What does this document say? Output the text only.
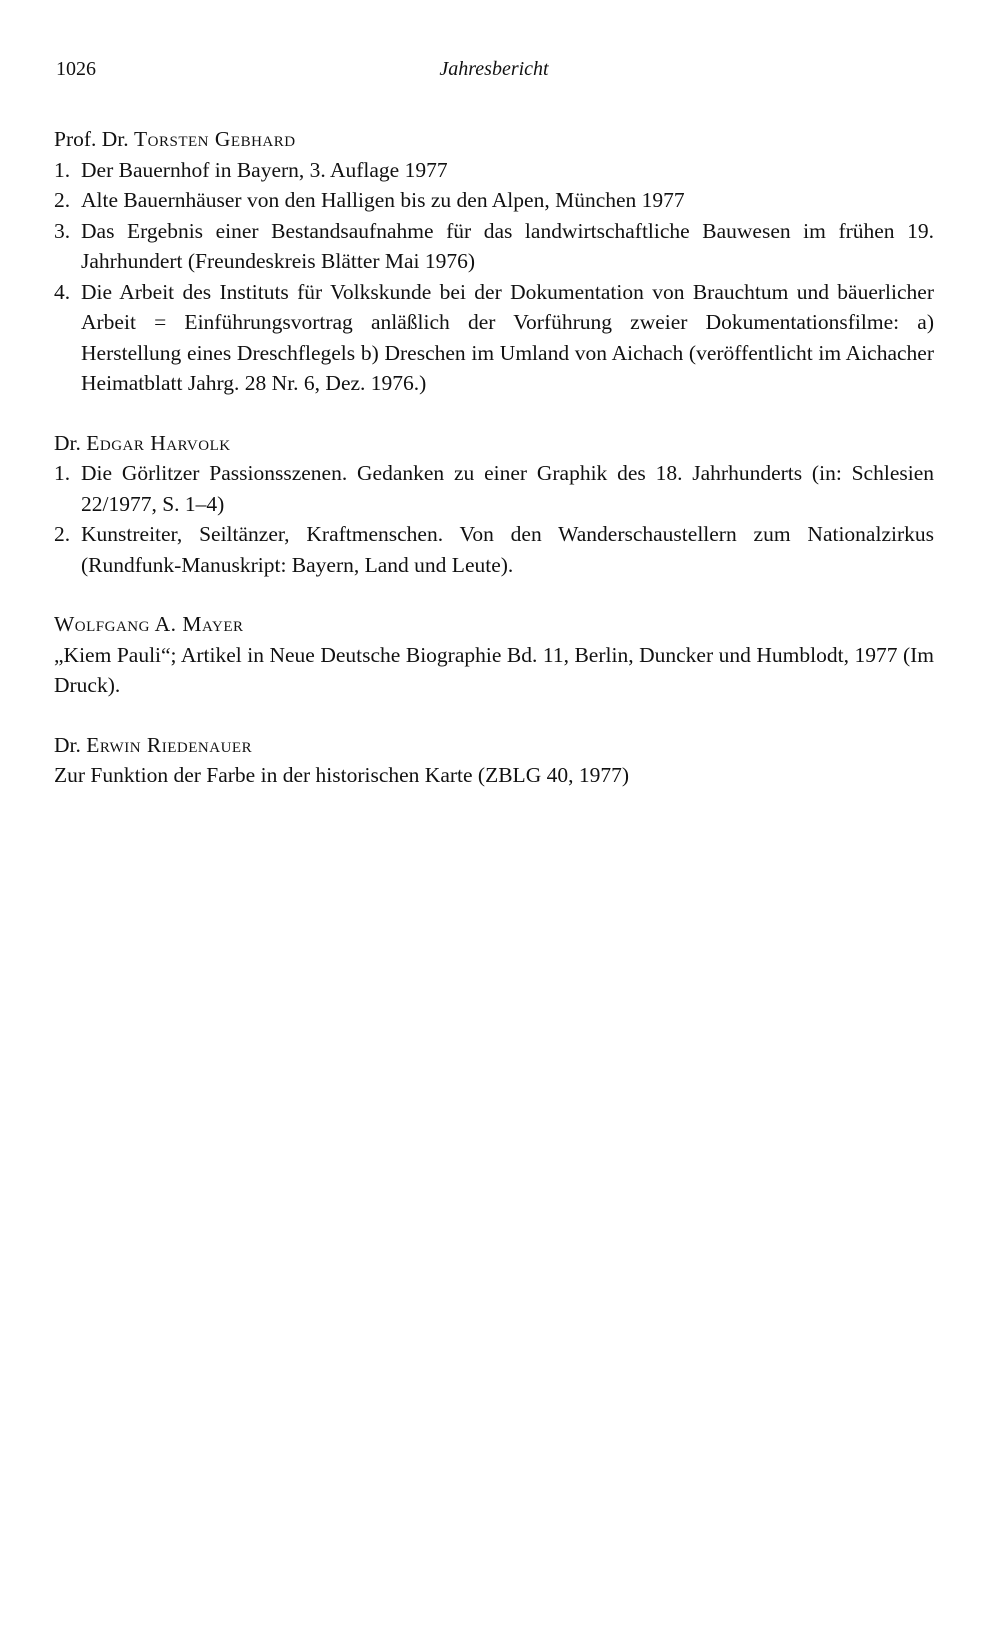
1026	Jahresbericht

Prof. Dr. Torsten Gebhard

1. Der Bauernhof in Bayern, 3. Auflage 1977

2. Alte Bauernhäuser von den Halligen bis zu den Alpen, München 1977

3. Das Ergebnis einer Bestandsaufnahme für das landwirtschaftliche Bauwesen im frühen 19. Jahrhundert (Freundeskreis Blätter Mai 1976)

4. Die Arbeit des Instituts für Volkskunde bei der Dokumentation von Brauchtum und bäuerlicher Arbeit = Einführungsvortrag anläßlich der Vorführung zweier Dokumentationsfilme: a) Herstellung eines Dreschflegels b) Dreschen im Umland von Aichach (veröffentlicht im Aichacher Heimatblatt Jahrg. 28 Nr. 6, Dez. 1976.)

Dr. Edgar Harvolk

1. Die Görlitzer Passionsszenen. Gedanken zu einer Graphik des 18. Jahrhunderts (in: Schlesien 22/1977, S. 1–4)

2. Kunstreiter, Seiltänzer, Kraftmenschen. Von den Wanderschaustellern zum Nationalzirkus (Rundfunk-Manuskript: Bayern, Land und Leute).

Wolfgang A. Mayer

„Kiem Pauli“; Artikel in Neue Deutsche Biographie Bd. 11, Berlin, Duncker und Humblodt, 1977 (Im Druck).

Dr. Erwin Riedenauer

Zur Funktion der Farbe in der historischen Karte (ZBLG 40, 1977)
